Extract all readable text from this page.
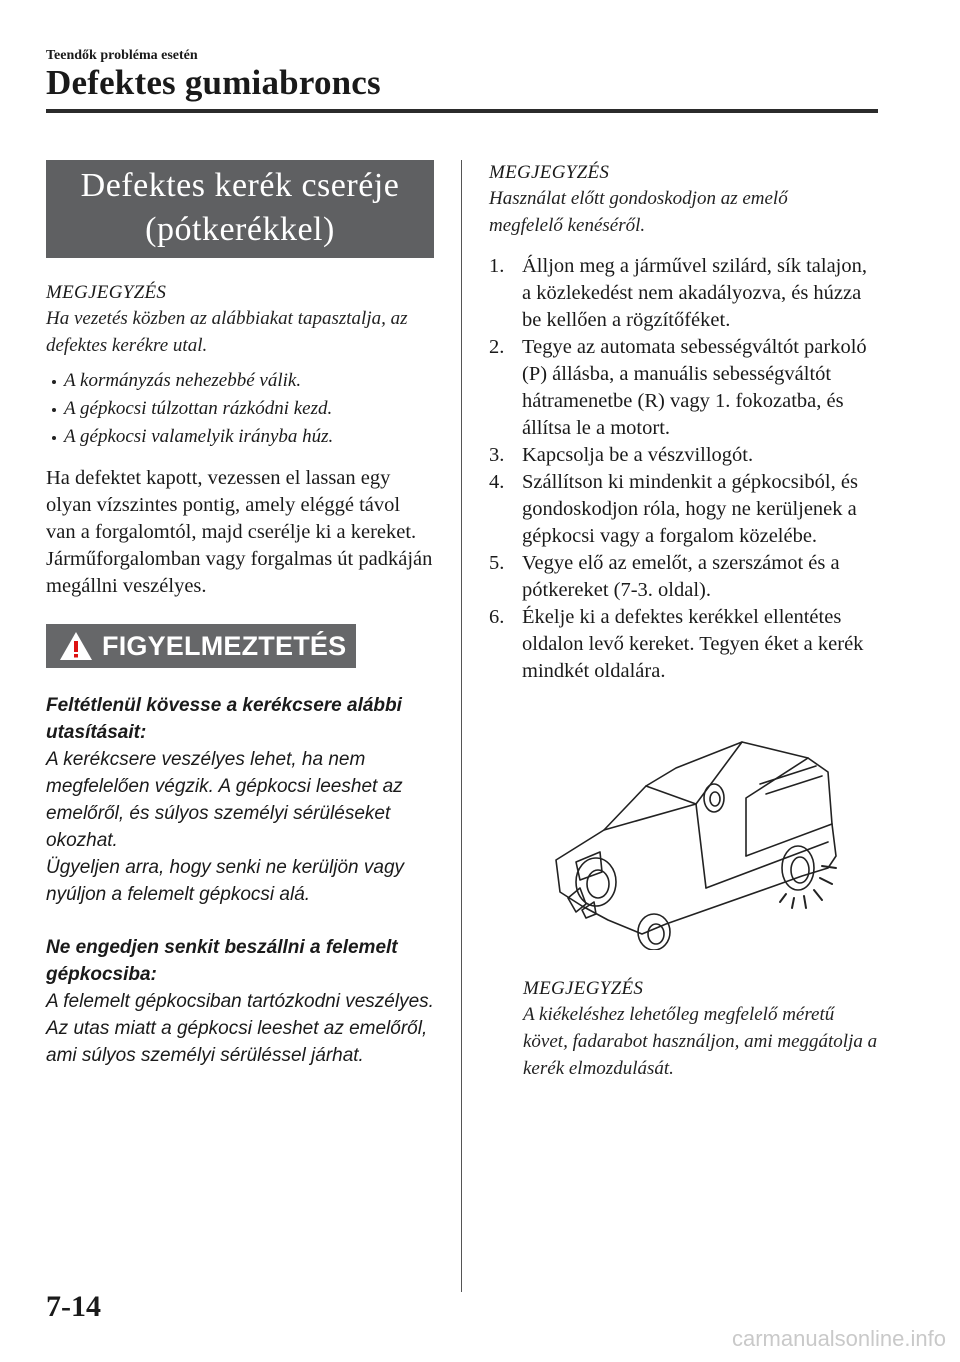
Teendők probléma esetén
Defektes gumiabroncs
Defektes kerék cseréje
(pótkerékkel)

MEGJEGYZÉS

Ha vezetés közben az alábbiakat tapasztalja, az defektes kerékre utal.

A kormányzás nehezebbé válik.
A gépkocsi túlzottan rázkódni kezd.
A gépkocsi valamelyik irányba húz.

Ha defektet kapott, vezessen el lassan egy olyan vízszintes pontig, amely eléggé távol van a forgalomtól, majd cserélje ki a kereket.

Járműforgalomban vagy forgalmas út padkáján megállni veszélyes.

FIGYELMEZTETÉS

Feltétlenül kövesse a kerékcsere alábbi utasításait:

A kerékcsere veszélyes lehet, ha nem megfelelően végzik. A gépkocsi leeshet az emelőről, és súlyos személyi sérüléseket okozhat.

Ügyeljen arra, hogy senki ne kerüljön vagy nyúljon a felemelt gépkocsi alá.

Ne engedjen senkit beszállni a felemelt gépkocsiba:

A felemelt gépkocsiban tartózkodni veszélyes. Az utas miatt a gépkocsi leeshet az emelőről, ami súlyos személyi sérüléssel járhat.

MEGJEGYZÉS

Használat előtt gondoskodjon az emelő megfelelő kenéséről.

1. Álljon meg a járművel szilárd, sík talajon, a közlekedést nem akadályozva, és húzza be kellően a rögzítőféket.
2. Tegye az automata sebességváltót parkoló (P) állásba, a manuális sebességváltót hátramenetbe (R) vagy 1. fokozatba, és állítsa le a motort.
3. Kapcsolja be a vészvillogót.
4. Szállítson ki mindenkit a gépkocsiból, és gondoskodjon róla, hogy ne kerüljenek a gépkocsi vagy a forgalom közelébe.
5. Vegye elő az emelőt, a szerszámot és a pótkereket (7-3. oldal).
6. Ékelje ki a defektes kerékkel ellentétes oldalon levő kereket. Tegyen éket a kerék mindkét oldalára.

MEGJEGYZÉS

A kiékeléshez lehetőleg megfelelő méretű követ, fadarabot használjon, ami meggátolja a kerék elmozdulását.

7-14
carmanualsonline.info
